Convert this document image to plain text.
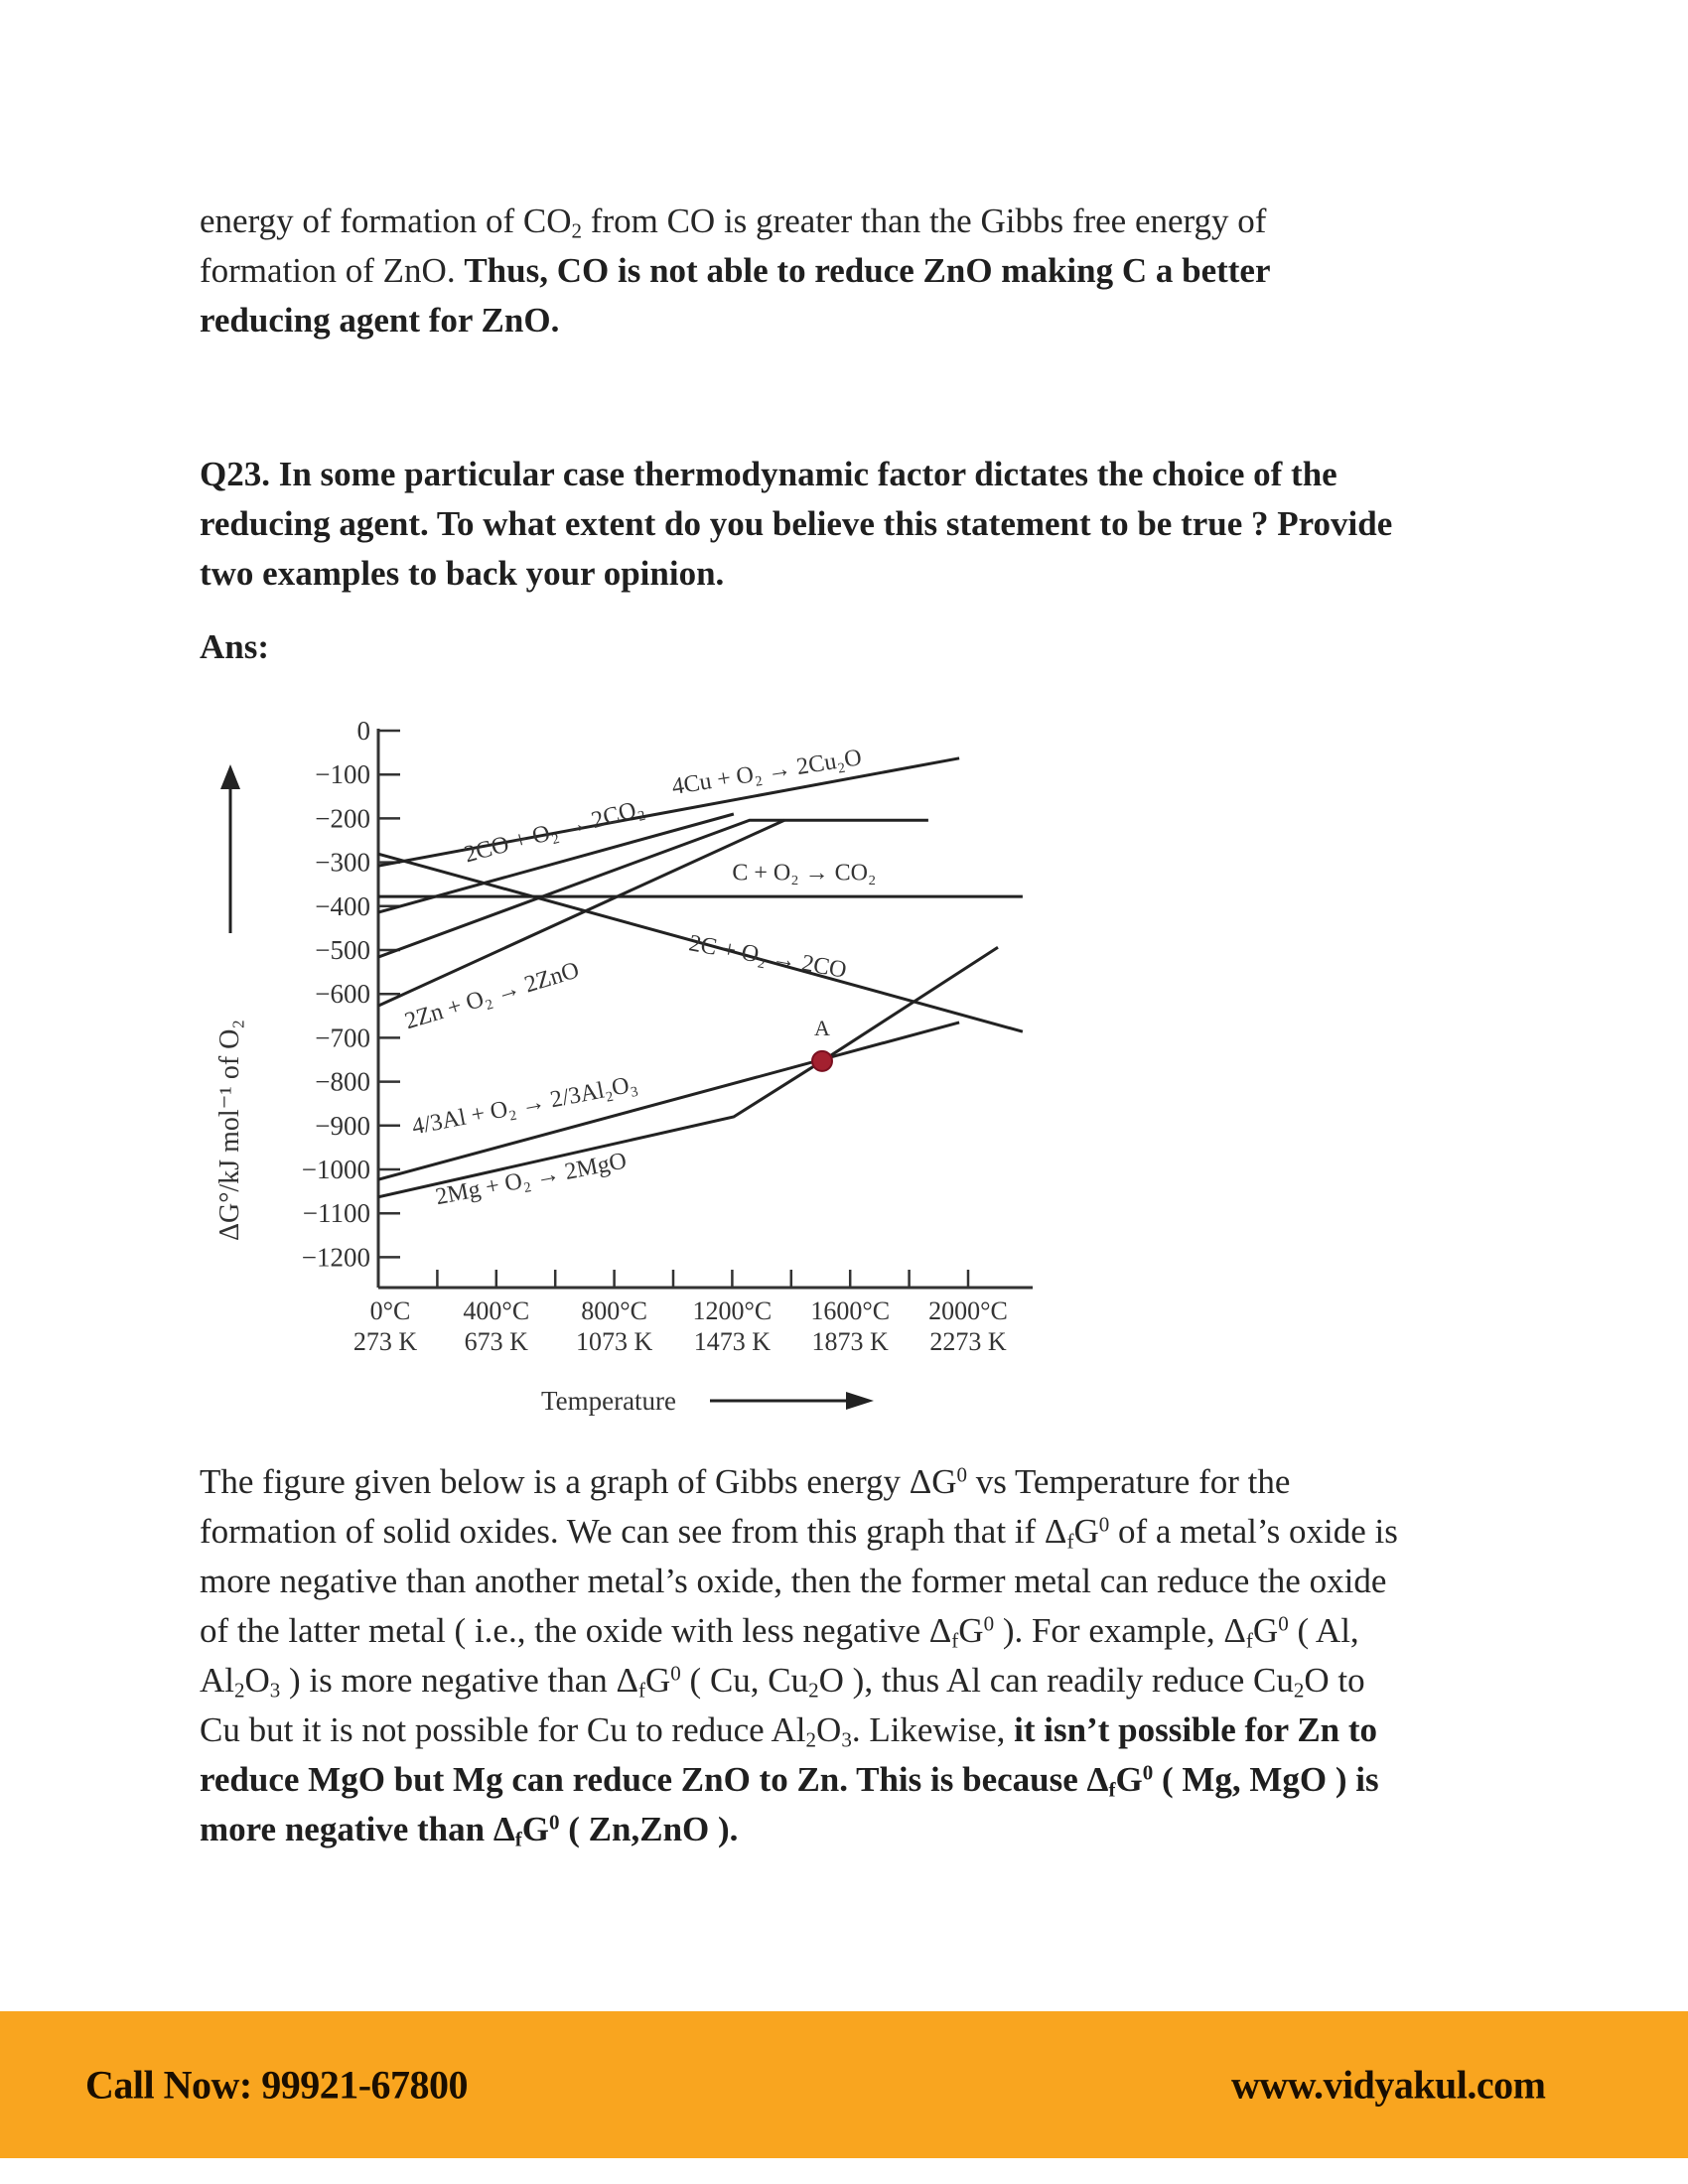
energy of formation of $CO_2$ from CO is greater than the Gibbs free energy of
formation of ZnO. Thus, CO is not able to reduce ZnO making C a better
reducing agent for ZnO.
Q23. In some particular case thermodynamic factor dictates the choice of the
reducing agent. To what extent do you believe this statement to be true ? Provide
two examples to back your opinion.
Ans:
ΔG°/kJ mol⁻¹ of O₂
0
−100
−200
−300
−400
−500
−600
−700
−800
−900
−1000
−1100
−1200
0°C
273 K
400°C
673 K
800°C
1073 K
1200°C
1473 K
1600°C
1873 K
2000°C
2273 K
4Cu + O₂ → 2Cu₂O
2CO + O₂ → 2CO₂
C + O₂ → CO₂
2C + O₂ → 2CO
2Zn + O₂ → 2ZnO
4/3Al + O₂ → 2/3Al₂O₃
2Mg + O₂ → 2MgO
A
Temperature
The figure given below is a graph of Gibbs energy $\Delta G^0$ vs Temperature for the
formation of solid oxides. We can see from this graph that if $\Delta_fG^0$ of a metal’s oxide is
more negative than another metal’s oxide, then the former metal can reduce the oxide
of the latter metal ( i.e., the oxide with less negative $\Delta_fG^0$ ). For example, $\Delta_fG^0$ ( Al,
$Al_2O_3$ ) is more negative than $\Delta_fG^0$ ( Cu, $Cu_2O$ ), thus Al can readily reduce $Cu_2O$ to
Cu but it is not possible for Cu to reduce $Al_2O_3$. Likewise, it isn’t possible for Zn to
reduce MgO but Mg can reduce ZnO to Zn. This is because $\Delta_fG^0$ ( Mg, MgO ) is
more negative than $\Delta_fG^0$ ( Zn,ZnO ).
Call Now: 99921-67800	www.vidyakul.com
